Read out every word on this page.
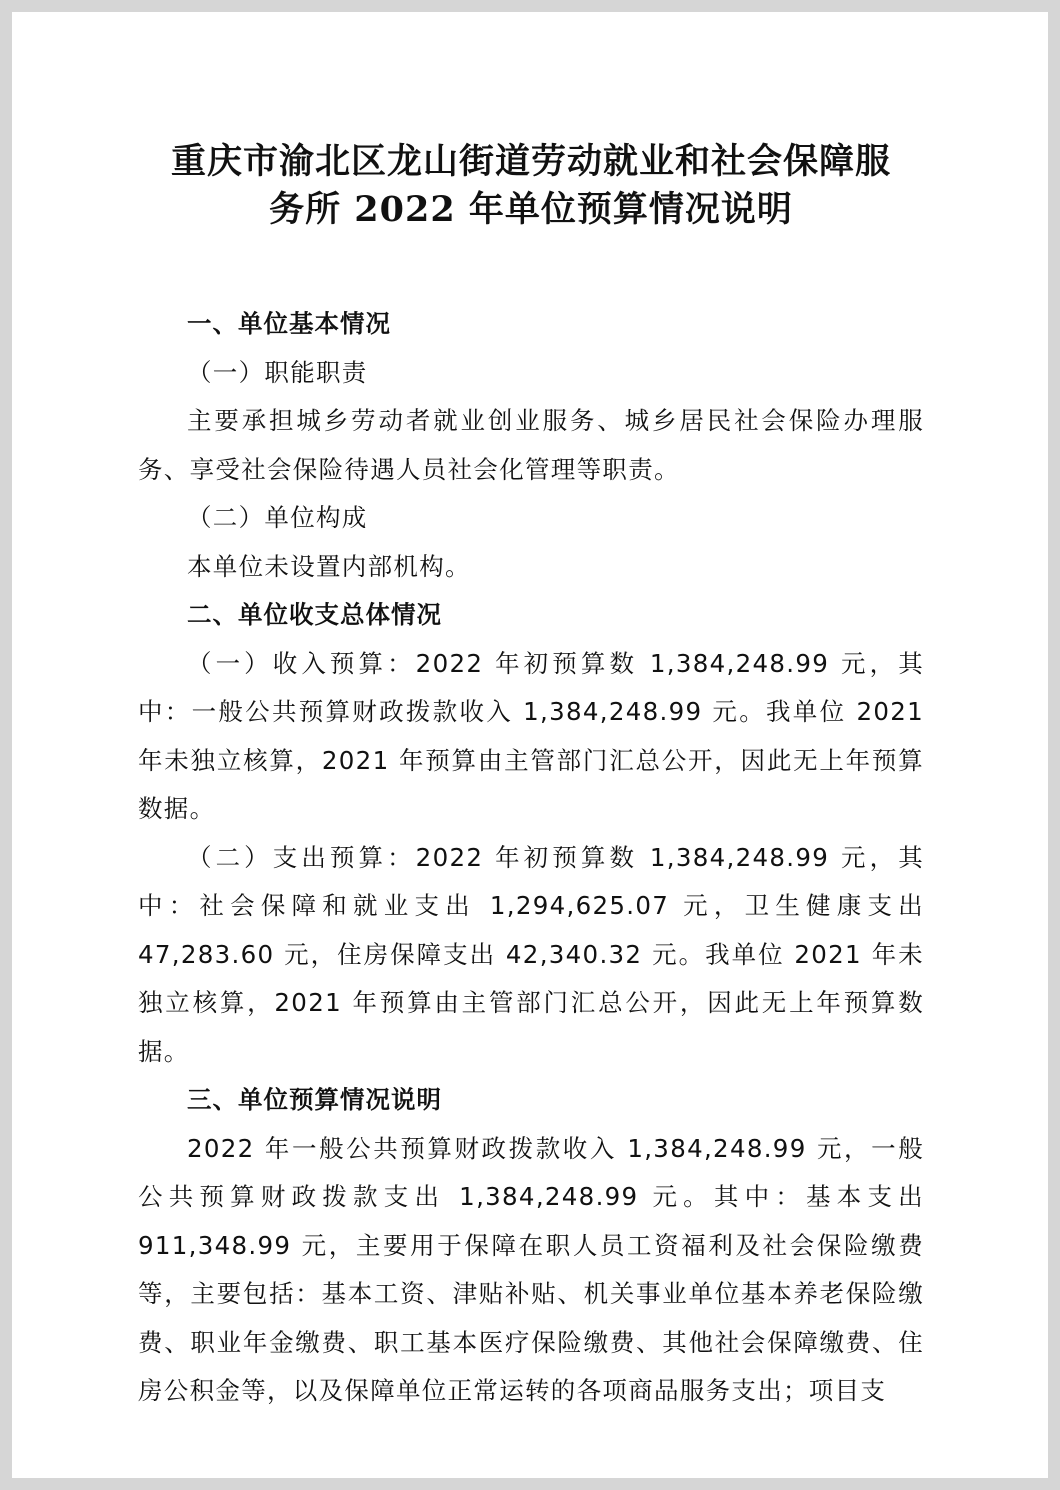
重庆市渝北区龙山街道劳动就业和社会保障服
务所 2022 年单位预算情况说明

一、单位基本情况

（一）职能职责

主要承担城乡劳动者就业创业服务、城乡居民社会保险办理服务、享受社会保险待遇人员社会化管理等职责。

（二）单位构成

本单位未设置内部机构。

二、单位收支总体情况

（一）收入预算：2022 年初预算数 1,384,248.99 元，其中：一般公共预算财政拨款收入 1,384,248.99 元。我单位 2021 年未独立核算，2021 年预算由主管部门汇总公开，因此无上年预算数据。

（二）支出预算：2022 年初预算数 1,384,248.99 元，其中：社会保障和就业支出 1,294,625.07 元，卫生健康支出 47,283.60 元，住房保障支出 42,340.32 元。我单位 2021 年未独立核算，2021 年预算由主管部门汇总公开，因此无上年预算数据。

三、单位预算情况说明

2022 年一般公共预算财政拨款收入 1,384,248.99 元，一般公共预算财政拨款支出 1,384,248.99 元。其中：基本支出 911,348.99 元，主要用于保障在职人员工资福利及社会保险缴费等，主要包括：基本工资、津贴补贴、机关事业单位基本养老保险缴费、职业年金缴费、职工基本医疗保险缴费、其他社会保障缴费、住房公积金等，以及保障单位正常运转的各项商品服务支出；项目支
